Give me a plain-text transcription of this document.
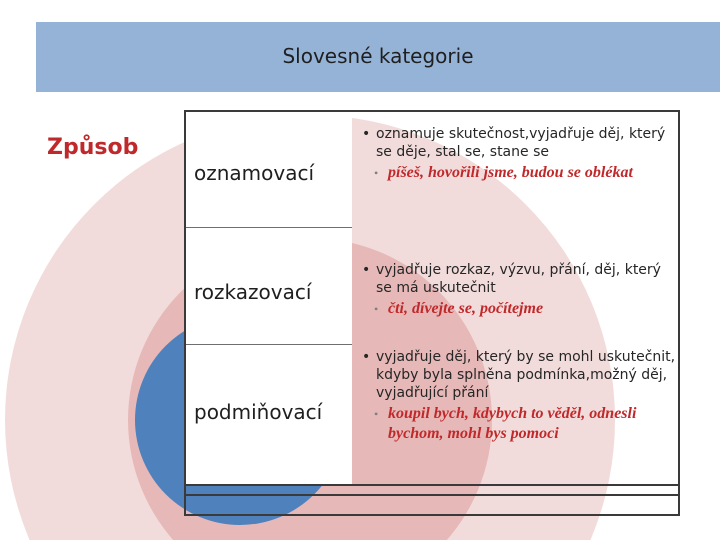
Slovesné kategorie
Způsob
oznamovací
rozkazovací
podmiňovací
• oznamuje skutečnost,vyjadřuje děj, který se děje, stal se, stane se
• píšeš, hovořili jsme, budou se oblékat
• vyjadřuje rozkaz, výzvu, přání, děj, který se má uskutečnit
• čti, dívejte se, počítejme
• vyjadřuje děj, který by se mohl uskutečnit, kdyby byla splněna podmínka,možný děj, vyjadřující přání
• koupil bych, kdybych to věděl, odnesli bychom, mohl bys pomoci
